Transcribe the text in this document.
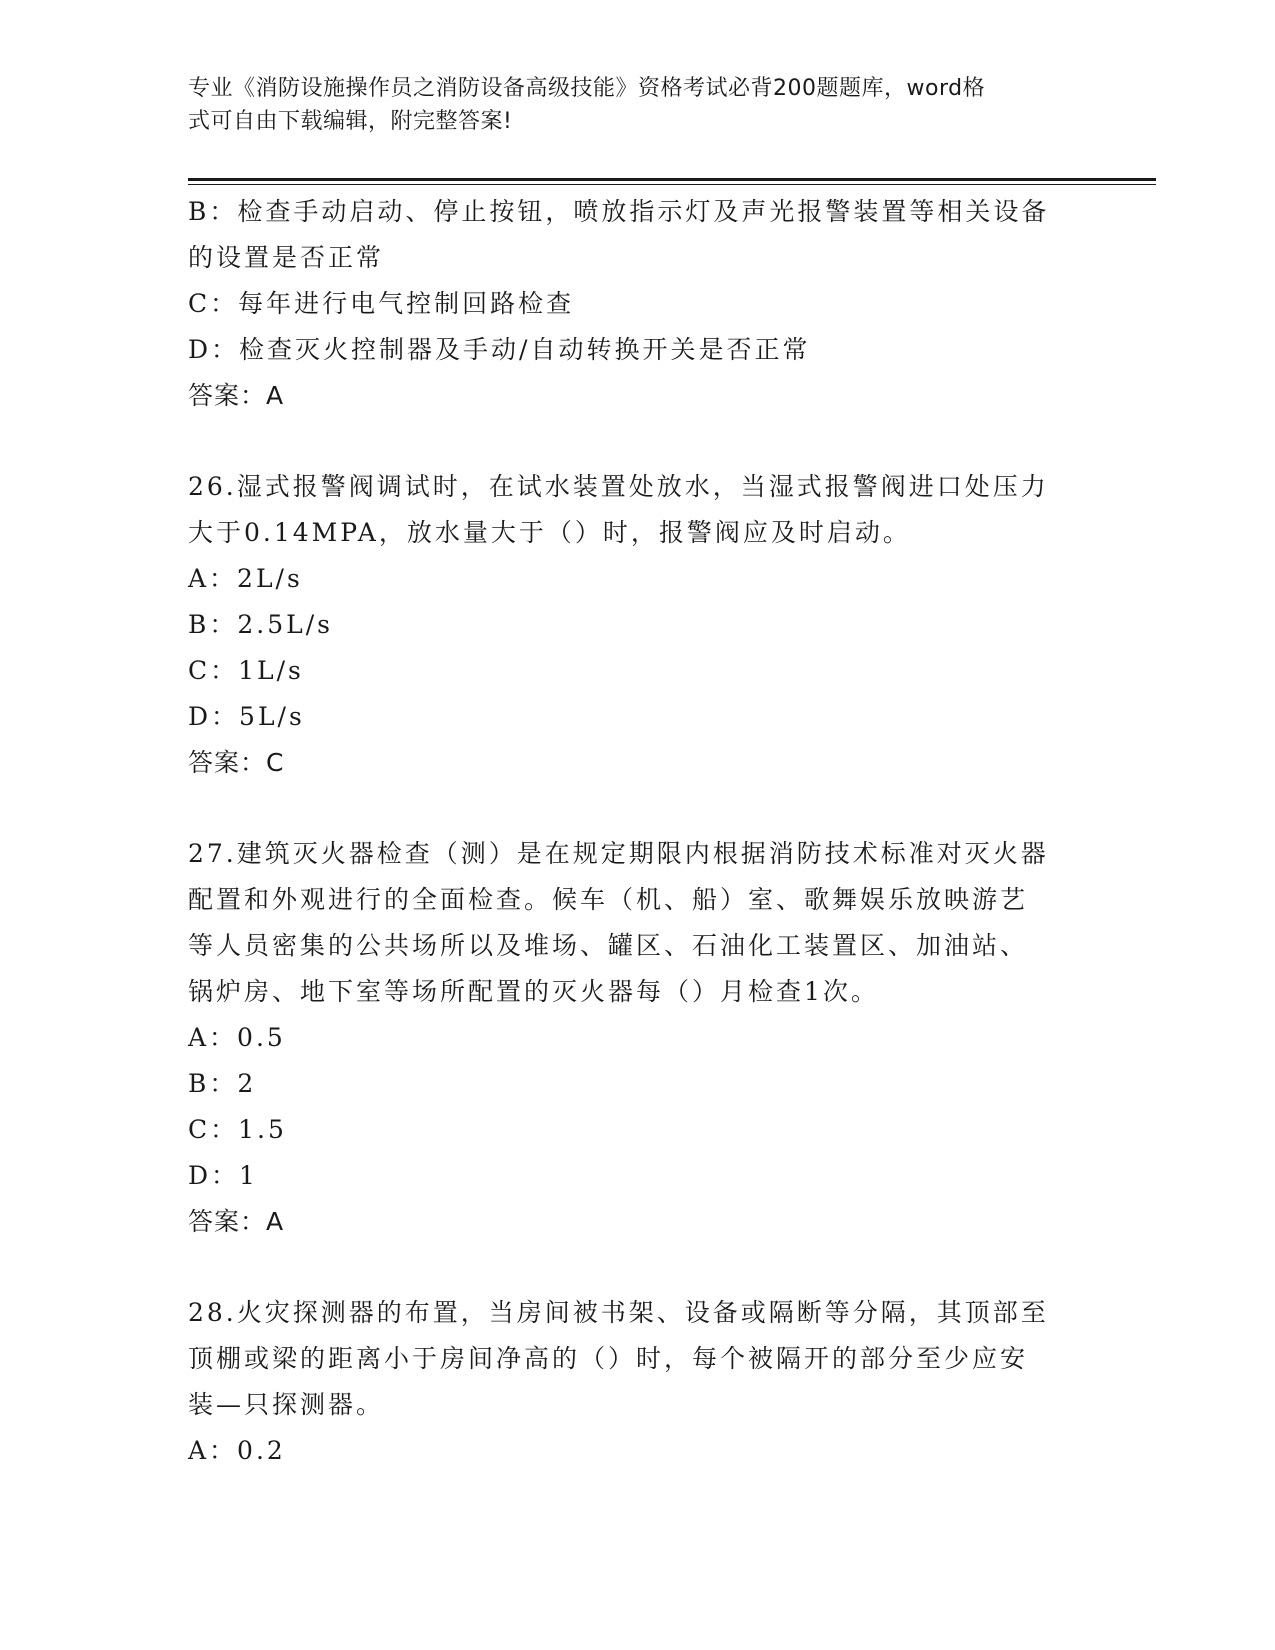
专业《消防设施操作员之消防设备高级技能》资格考试必背200题题库，word格
式可自由下载编辑，附完整答案!
B：检查手动启动、停止按钮，喷放指示灯及声光报警装置等相关设备
的设置是否正常
C：每年进行电气控制回路检查
D：检查灭火控制器及手动/自动转换开关是否正常
答案：A
26.湿式报警阀调试时，在试水装置处放水，当湿式报警阀进口处压力
大于0.14MPA，放水量大于（）时，报警阀应及时启动。
A：2L/s
B：2.5L/s
C：1L/s
D：5L/s
答案：C
27.建筑灭火器检查（测）是在规定期限内根据消防技术标准对灭火器
配置和外观进行的全面检查。候车（机、船）室、歌舞娱乐放映游艺
等人员密集的公共场所以及堆场、罐区、石油化工装置区、加油站、
锅炉房、地下室等场所配置的灭火器每（）月检查1次。
A：0.5
B：2
C：1.5
D：1
答案：A
28.火灾探测器的布置，当房间被书架、设备或隔断等分隔，其顶部至
顶棚或梁的距离小于房间净高的（）时，每个被隔开的部分至少应安
装—只探测器。
A：0.2
